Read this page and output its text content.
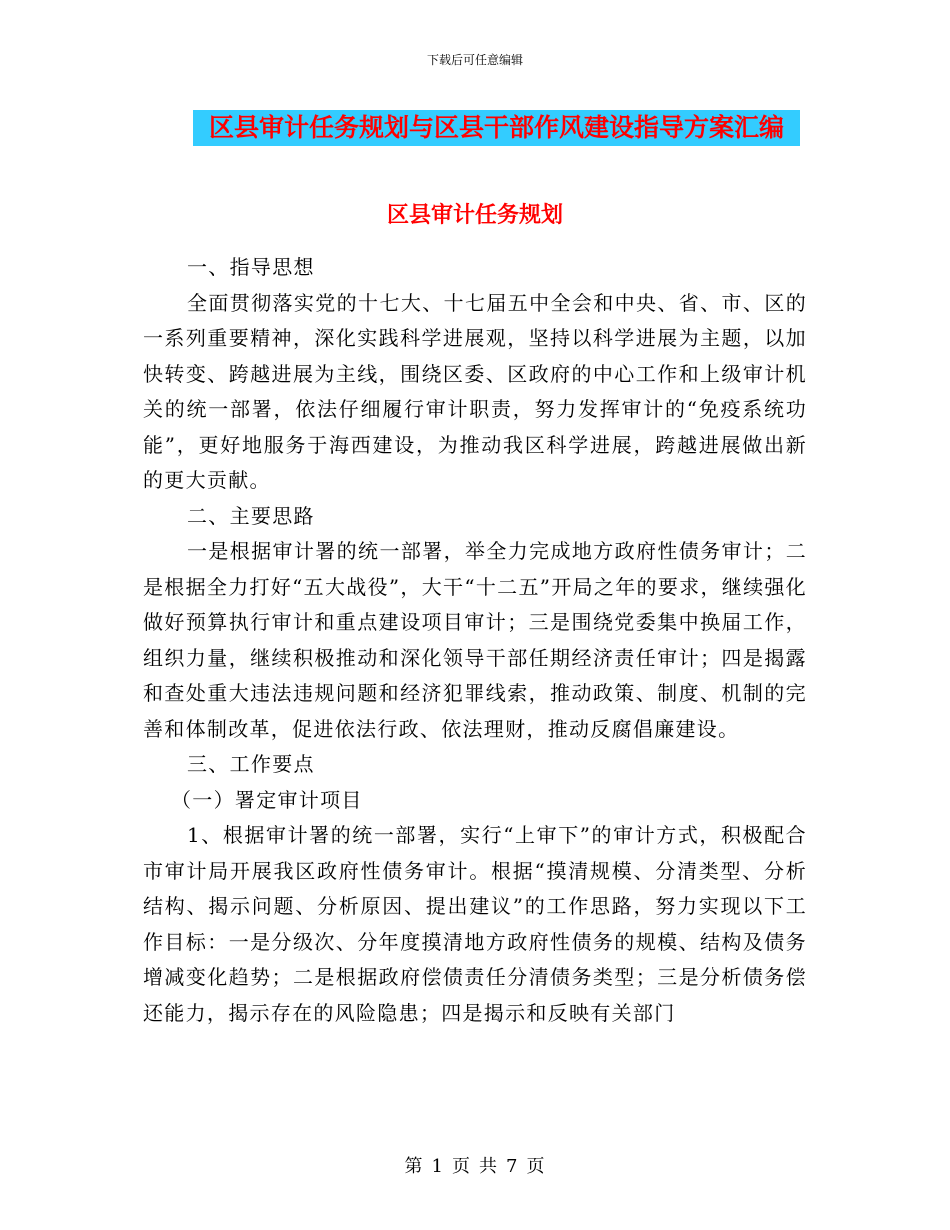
下载后可任意编辑
区县审计任务规划与区县干部作风建设指导方案汇编
区县审计任务规划

一、指导思想

全面贯彻落实党的十七大、十七届五中全会和中央、省、市、区的一系列重要精神，深化实践科学进展观，坚持以科学进展为主题，以加快转变、跨越进展为主线，围绕区委、区政府的中心工作和上级审计机关的统一部署，依法仔细履行审计职责，努力发挥审计的“免疫系统功能”，更好地服务于海西建设，为推动我区科学进展，跨越进展做出新的更大贡献。

二、主要思路

一是根据审计署的统一部署，举全力完成地方政府性债务审计；二是根据全力打好“五大战役”，大干“十二五”开局之年的要求，继续强化做好预算执行审计和重点建设项目审计；三是围绕党委集中换届工作，组织力量，继续积极推动和深化领导干部任期经济责任审计；四是揭露和查处重大违法违规问题和经济犯罪线索，推动政策、制度、机制的完善和体制改革，促进依法行政、依法理财，推动反腐倡廉建设。

三、工作要点

（一）署定审计项目

1、根据审计署的统一部署，实行“上审下”的审计方式，积极配合市审计局开展我区政府性债务审计。根据“摸清规模、分清类型、分析结构、揭示问题、分析原因、提出建议”的工作思路，努力实现以下工作目标：一是分级次、分年度摸清地方政府性债务的规模、结构及债务增减变化趋势；二是根据政府偿债责任分清债务类型；三是分析债务偿还能力，揭示存在的风险隐患；四是揭示和反映有关部门

第 1 页 共 7 页
